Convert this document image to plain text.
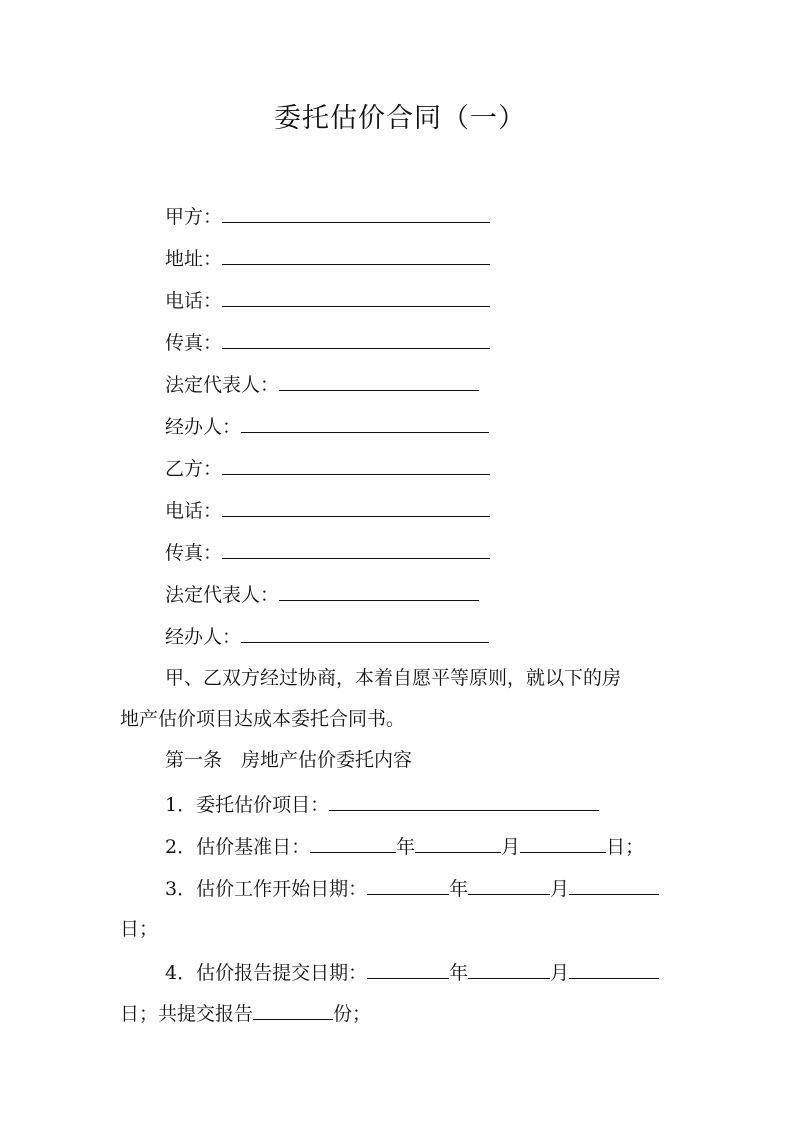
委托估价合同（一）
甲方：
地址：
电话：
传真：
法定代表人：
经办人：
乙方：
电话：
传真：
法定代表人：
经办人：
甲、乙双方经过协商，本着自愿平等原则，就以下的房
地产估价项目达成本委托合同书。
第一条　房地产估价委托内容
1．委托估价项目：
2．估价基准日：	年	月	日；
3．估价工作开始日期：	年	月
日；
4．估价报告提交日期：	年	月
日；共提交报告	份；
